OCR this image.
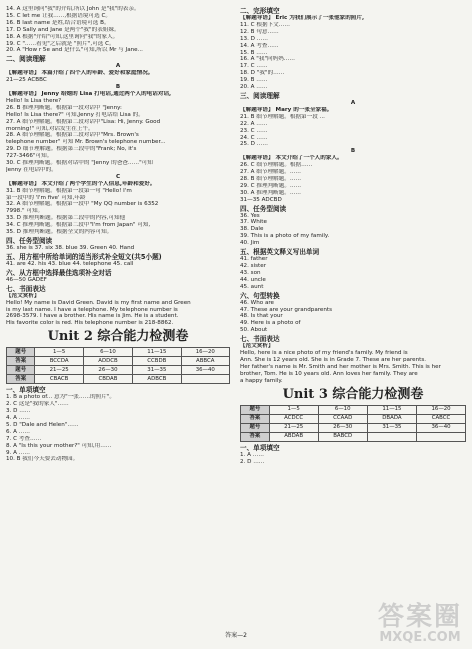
14. A 这里询问"我"的介绍,所以 John 是"我"的表亲。
15. C let me 让我……,根据语境可选 C。
16. B last name 是姓,结合语境可选 B。
17. D Sally and Jane 是两个"我"的表姐妹。
18. A 根据"介绍"可知,这里询问"我"的家人。
19. C "……看见"之后就是 "照片",可选 C。
20. A "How r 5e and 是什么"可知,所以 Mr 与 Jane...
二、阅读理解
A
【解题导语】 本篇介绍了四个人的年龄、爱好和家庭情况。
21—25 ACBBC
B
【解题导语】 Jenny 给她的 Lisa 打电话,通过两个人的电话对话,
Hello! Is Lisa there?
26. B 推理判断题。根据第一段对话中 "Jenny:
Hello! Is Lisa there?" 可知,Jenny 打电话给 Lisa 的。
27. A 细节理解题。根据第二段对话中"Lisa: Hi, Jenny. Good
morning!" 可知,对话发生在上午。
28. A 细节理解题。根据第二段对话中"Mrs. Brown's
telephone number" 可知 Mr. Brown's telephone number...
29. D 细节理解题。根据第三段中的"Frank; No, it's
727-3466"可知。
30. C 推理判断题。根据对话中的 "Jenny 的爸爸……"可知
Jenny 在电话中的。
C
【解题导语】 本文介绍了两个学生的个人信息,年龄和爱好。
31. B 细节理解题。根据第一段第一句 "Hello! I'm
第一段中的 'I'm five' 可知,年龄
32. A 细节理解题。根据第一段中 "My QQ number is 6352
7998." 可知。
33. D 推理判断题。根据第二段中的内容,可知他
34. C 推理判断题。根据第二段中"I'm from Japan" 可知,
35. D 推理判断题。根据全文的内容可知。
四、任务型阅读
36. she is 37. six 38. blue 39. Green 40. Hand
五、用方框中所给单词的适当形式补全短文(共5小题)
41. are 42. his 43. blue 44. telephone 45. call
六、从方框中选择最佳选项补全对话
46—50 GADEF
七、书面表达
【范文赏析】
Hello! My name is David Green. David is my first name and Green
is my last name. I have a telephone. My telephone number is
2698-3579. I have a brother. His name is Jim. He is a student.
His favorite color is red. His telephone number is 218-8862.
Unit 2 综合能力检测卷
题号	1—5	6—10	11—15	16—20
答案	BCCDA	ADDCB	CCBDB	ABBCA
题号	21—25	26—30	31—35	36—40
答案	CBACB	CBDAB	ADBCB	
一、单项填空
1. B a photo of... 意为"一张……的照片"。
2. C 这是"我的家人"……
3. D ……
4. A ……
5. D "Dale and Helen"……
6. A ……
7. C 考查……
8. A "Is this your mother?" 可知,用……
9. A ……
10. B 我们今天要去动物园。
二、完形填空
【解题导语】 Eric 为我们展示了一张他家的照片,
11. C 根据下文……
12. B 句意……
13. D ……
14. A 考查……
15. B ……
16. A "我"向妈妈……
17. C ……
18. D "我"的……
19. B ……
20. A ……
三、阅读理解
A
【解题导语】 Mary 的一张全家福。
21. B 细节理解题。根据第一段 ...
22. A ……
23. C ……
24. C ……
25. D ……
B
【解题导语】 本文介绍了一个人的家人。
26. C 细节理解题。根据……
27. A 细节理解题。……
28. B 细节理解题。……
29. C 推理判断题。……
30. A 推理判断题。……
31—35 ADCBD
四、任务型阅读
36. Yes
37. White
38. Dale
39. This is a photo of my family.
40. Jim
五、根据英文释义写出单词
41. father
42. sister
43. son
44. uncle
45. aunt
六、句型转换
46. Who are
47. These are your grandparents
48. Is that your
49. Here is a photo of
50. About
七、书面表达
【范文赏析】
Hello, here is a nice photo of my friend's family. My friend is
Ann. She is 12 years old. She is in Grade 7. These are her parents.
Her father's name is Mr. Smith and her mother is Mrs. Smith. This is her
brother, Tom. He is 10 years old. Ann loves her family. They are
a happy family.
Unit 3 综合能力检测卷
题号	1—5	6—10	11—15	16—20
答案	ACDCC	CCAAD	DBADA	CABCC
题号	21—25	26—30	31—35	36—40
答案	ABDAB	BABCD		
一、单项填空
1. A ……
2. D ……
答案—2
答案圈
MXQE.COM
